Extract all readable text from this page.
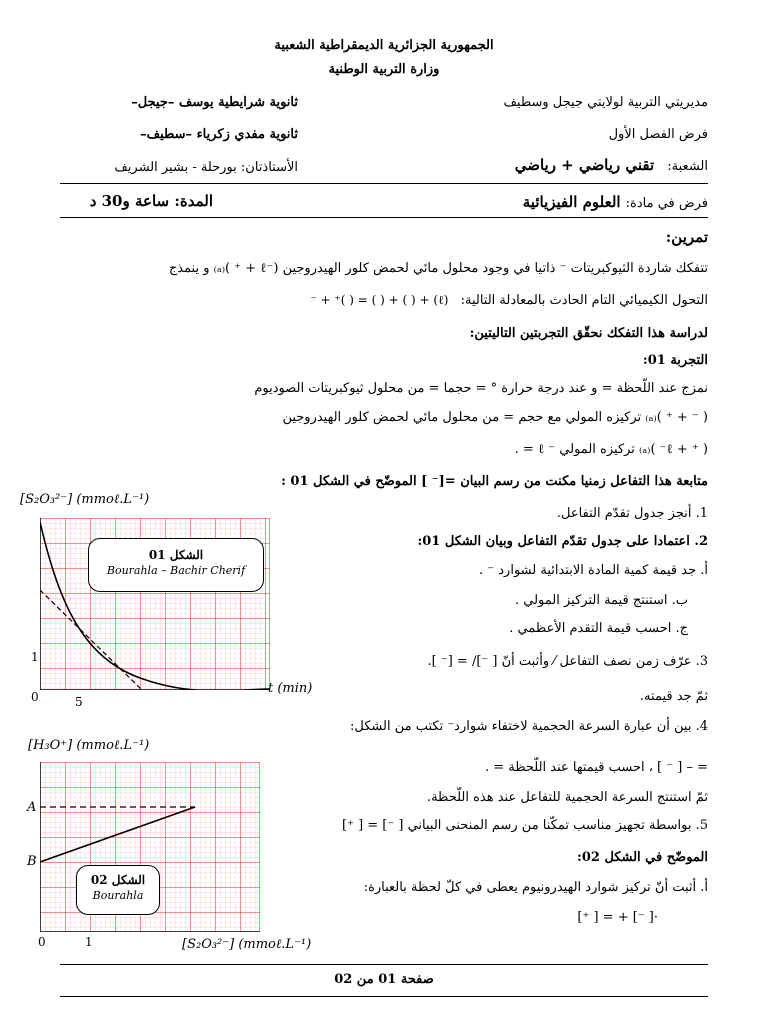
الجمهورية الجزائرية الديمقراطية الشعبية
وزارة التربية الوطنية
مديريتي التربية لولايتي جيجل وسطيف
ثانوية شرايطية يوسف –جيجل–
فرض الفصل الأول
ثانوية مفدي زكرياء –سطيف–
الشعبة: تقني رياضي + رياضي
الأستاذتان: بورحلة - بشير الشريف
فرض في مادة: العلوم الفيزيائية
المدة: ساعة و30 د
تمرين:
تتفكك شاردة الثيوكبريتات ⁻ ذاتيا في وجود محلول مائي لحمض كلور الهيدروجين (⁻ℓ + ⁺ )₍ₐ₎ و ينمذج
التحول الكيميائي التام الحادث بالمعادلة التالية: (ℓ) + ( ) + ( ) = ( )⁺ + ⁻
لدراسة هذا التفكك نحقّق التجربتين التاليتين:
التجربة 01:
نمزج عند اللّحظة = و عند درجة حرارة ° = حجما = من محلول ثيوكبريتات الصوديوم
( ⁻ + ⁺ )₍ₐ₎ تركيزه المولي مع حجم = من محلول مائي لحمض كلور الهيدروجين
( ⁺ + ℓ⁻ )₍ₐ₎ تركيزه المولي ⁻ ℓ = .
متابعة هذا التفاعل زمنيا مكنت من رسم البيان =[⁻ ] الموضّح في الشكل 01 :
1. أنجز جدول تقدّم التفاعل.
2. اعتمادا على جدول تقدّم التفاعل وبيان الشكل 01:
أ. جد قيمة كمية المادة الابتدائية لشوارد ⁻ .
ب. استنتج قيمة التركيز المولي .
ج. احسب قيمة التقدم الأعظمي .
3. عرّف زمن نصف التفاعل ⁄ وأثبت أنّ [ ⁻]/ = [⁻ ].
ثمّ جد قيمته.
4. بين أن عبارة السرعة الحجمية لاختفاء شوارد⁻ تكتب من الشكل:
= – [ ⁻ ] ، احسب قيمتها عند اللّحظة = .
ثمّ استنتج السرعة الحجمية للتفاعل عند هذه اللّحظة.
5. بواسطة تجهيز مناسب تمكّنا من رسم المنحنى البياني [ ⁻] = [ ⁺]
الموضّح في الشكل 02:
أ. أثبت أنّ تركيز شوارد الهيدرونيوم يعطى في كلّ لحظة بالعبارة:
·[ ⁻] + = [ ⁺]
[S₂O₃²⁻] (mmoℓ.L⁻¹)
الشكل 01
Bourahla – Bachir Cherif
t (min)
0
1
5
[H₃O⁺] (mmoℓ.L⁻¹)
الشكل 02
Bourahla
A
B
0	1	[S₂O₃²⁻] (mmoℓ.L⁻¹)
صفحة 01 من 02
